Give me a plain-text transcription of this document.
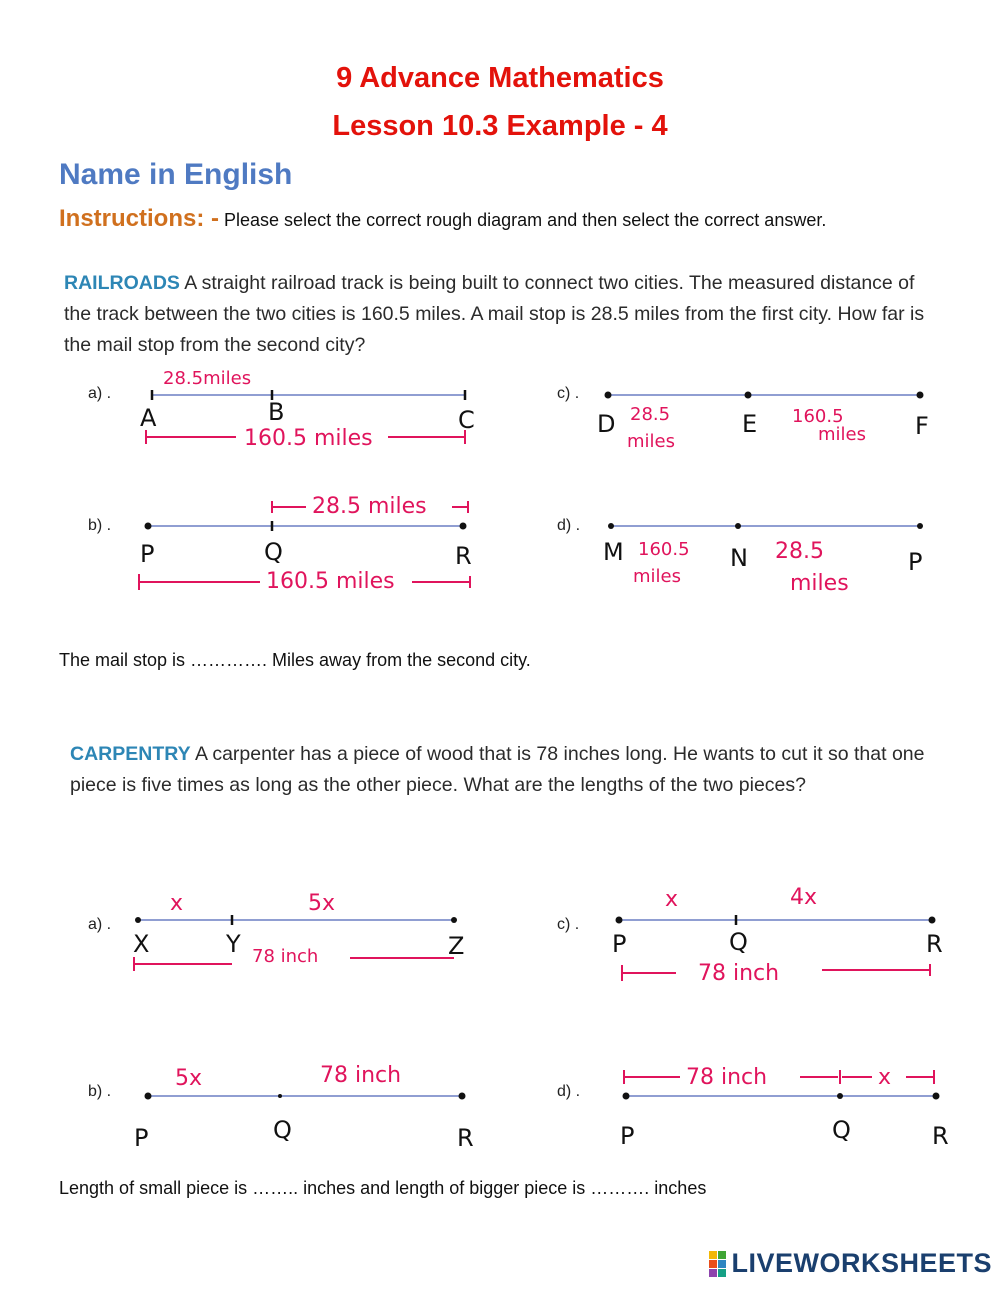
9 Advance Mathematics
Lesson 10.3 Example - 4
Name in English
Instructions: - Please select the correct rough diagram and then select the correct answer.
RAILROADS A straight railroad track is being built to connect two cities. The measured distance of the track between the two cities is 160.5 miles. A mail stop is 28.5 miles from the first city. How far is the mail stop from the second city?
a) .
b) .
c) .
d) .
28.5miles
A	B	C
160.5 miles
D 28.5
miles
E 160.5
miles F
28.5 miles
P	Q	R
160.5 miles
M 160.5
miles
N 28.5
miles
P
The mail stop is …………. Miles away from the second city.
CARPENTRY A carpenter has a piece of wood that is 78 inches long. He wants to cut it so that one piece is five times as long as the other piece. What are the lengths of the two pieces?
a) .
b) .
c) .
d) .
x	5x
X	Y	Z
78 inch
x	4x
P	Q	R
78 inch
5x	78 inch
P	Q	R
78 inch	x
P	Q	R
Length of small piece is …….. inches and length of bigger piece is ………. inches
LIVEWORKSHEETS
